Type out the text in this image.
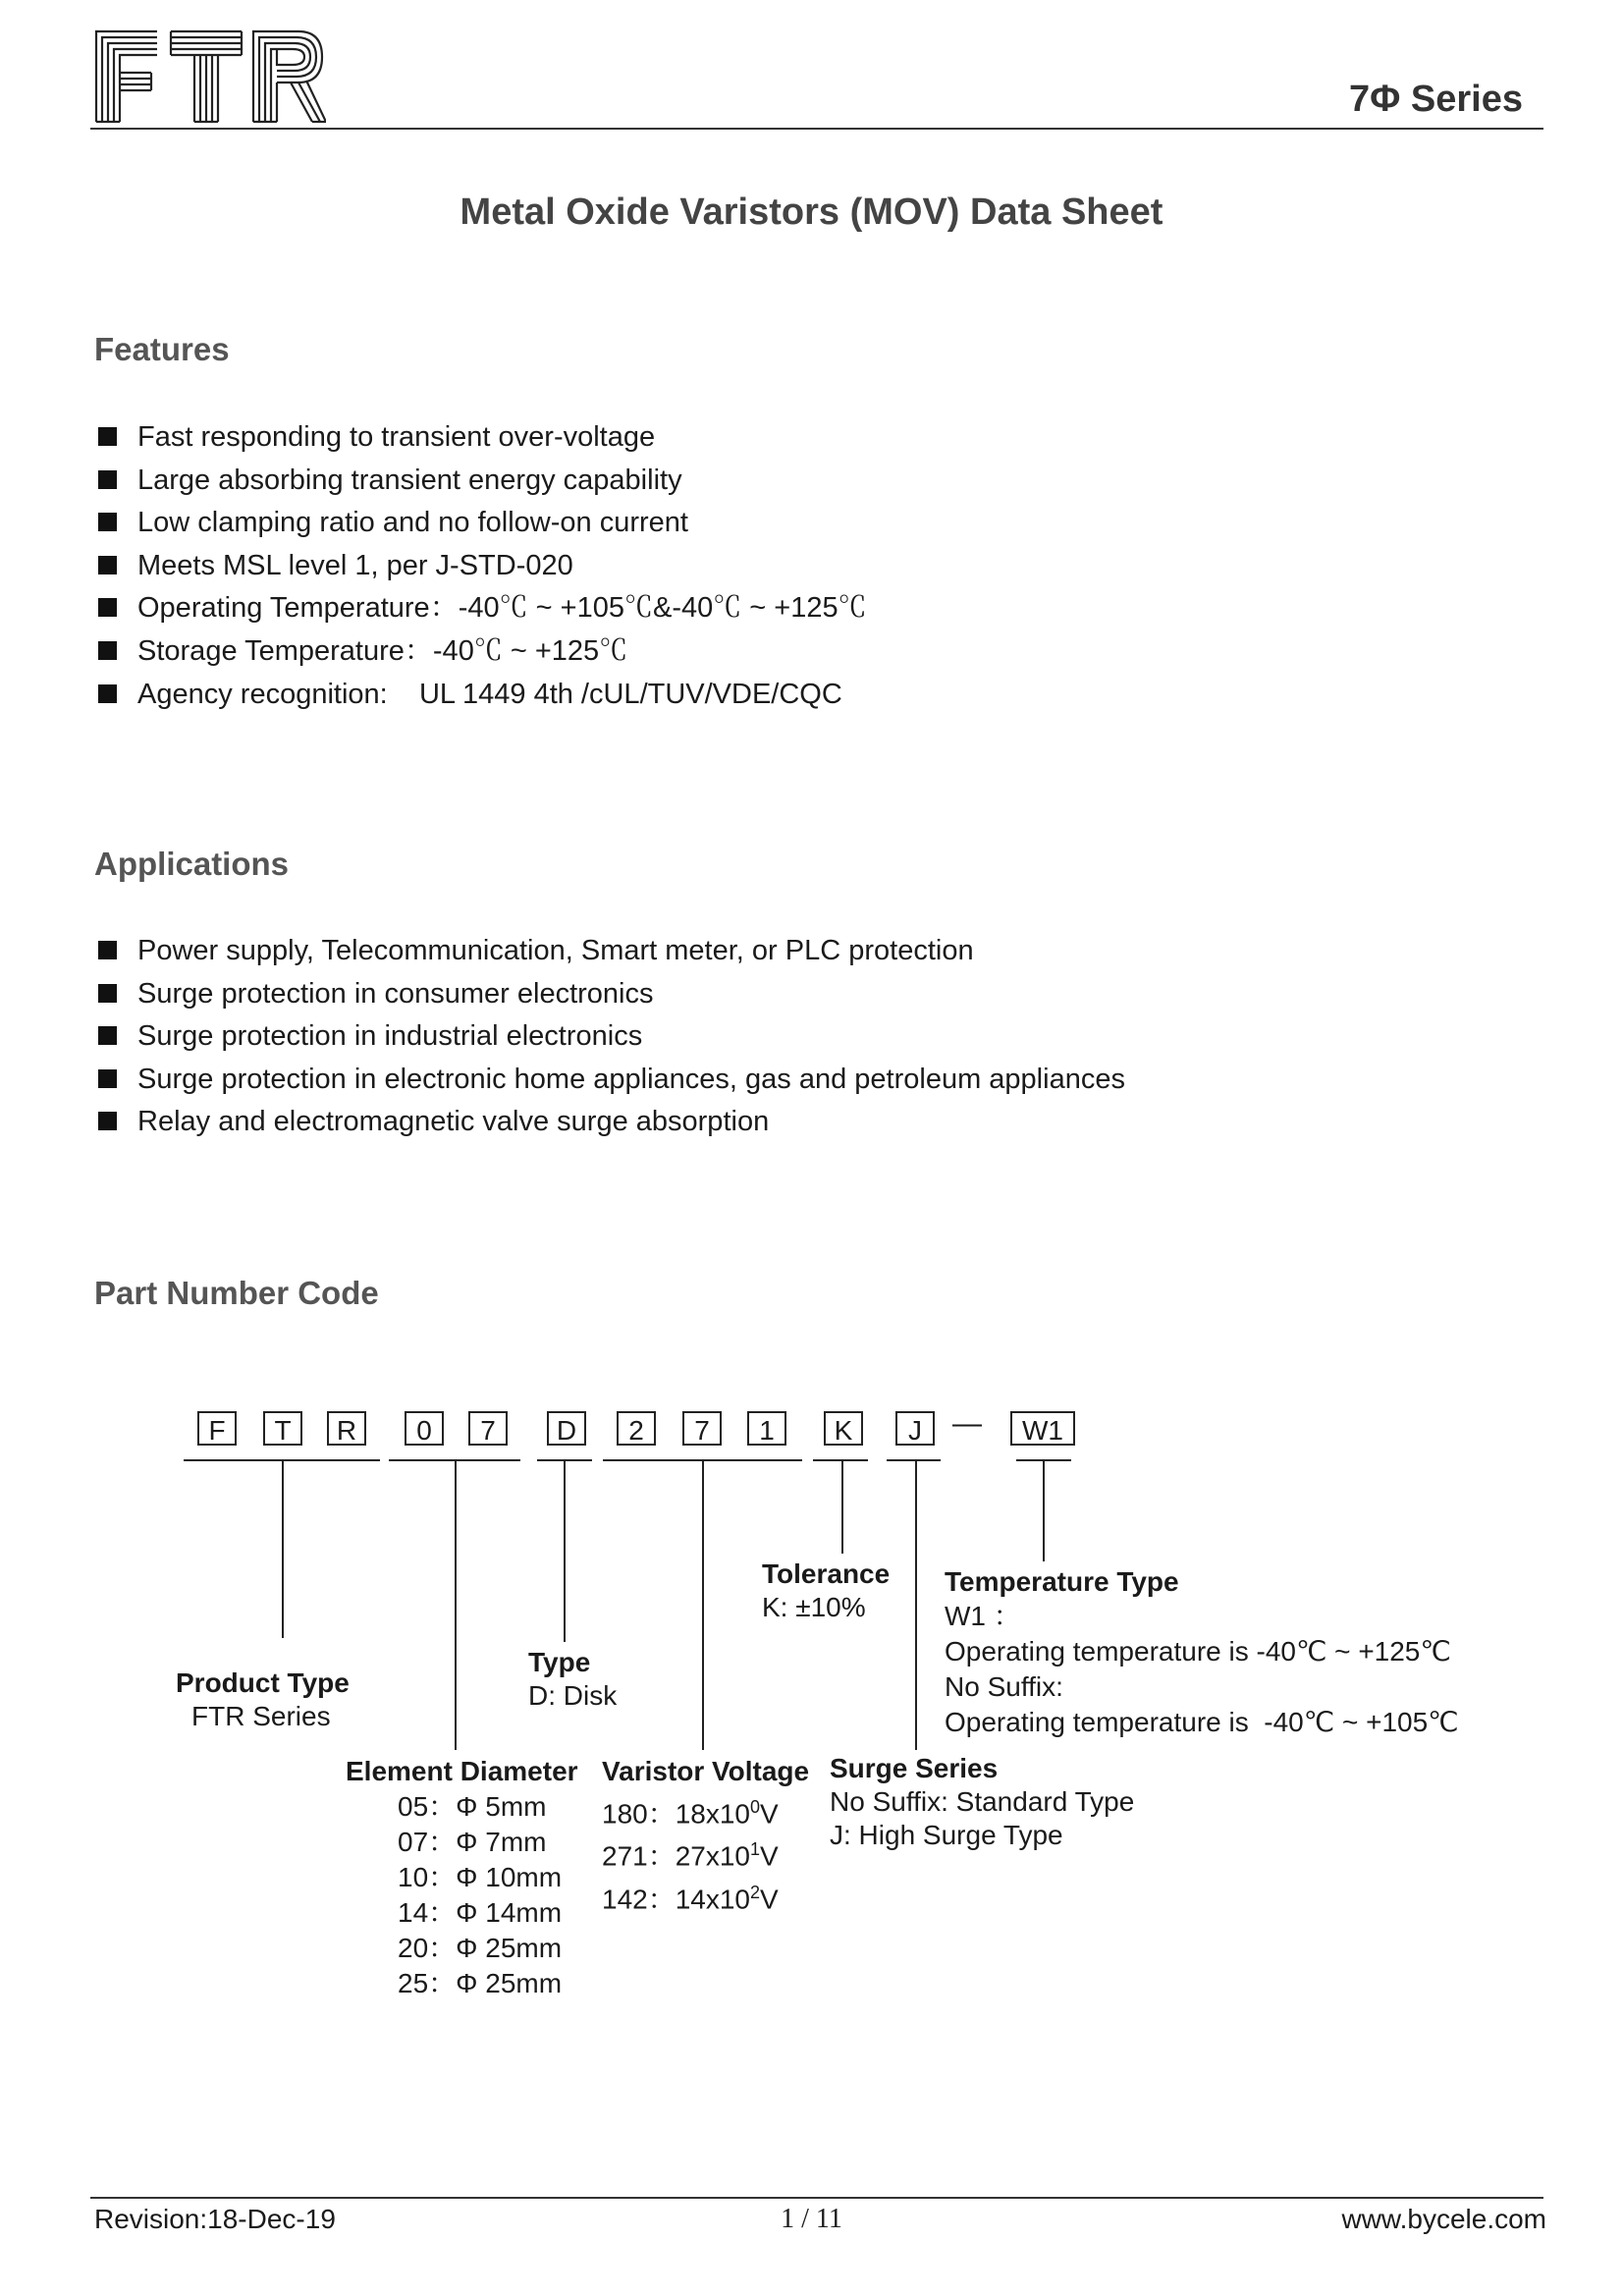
7Φ Series
Metal Oxide Varistors (MOV) Data Sheet
Features
Fast responding to transient over-voltage
Large absorbing transient energy capability
Low clamping ratio and no follow-on current
Meets MSL level 1, per J-STD-020
Operating Temperature：-40℃ ~ +105℃&-40℃ ~ +125℃
Storage Temperature：-40℃ ~ +125℃
Agency recognition:    UL 1449 4th /cUL/TUV/VDE/CQC
Applications
Power supply, Telecommunication, Smart meter, or PLC protection
Surge protection in consumer electronics
Surge protection in industrial electronics
Surge protection in electronic home appliances, gas and petroleum appliances
Relay and electromagnetic valve surge absorption
Part Number Code
F	T	R	0	7	D	2	7	1	K	J	—	W1
Product Type
FTR Series
Type
D: Disk
Tolerance
K: ±10%
Temperature Type
W1 ：
Operating temperature is -40℃ ~ +125℃
No Suffix:
Operating temperature is  -40℃ ~ +105℃
Element Diameter
05：Φ 5mm
07：Φ 7mm
10：Φ 10mm
14：Φ 14mm
20：Φ 25mm
25：Φ 25mm
Varistor Voltage
180：$18x10^0V$
271：$27x10^1V$
142：$14x10^2V$
Surge Series
No Suffix: Standard Type
J: High Surge Type
Revision:18-Dec-19	1 / 11	www.bycele.com
